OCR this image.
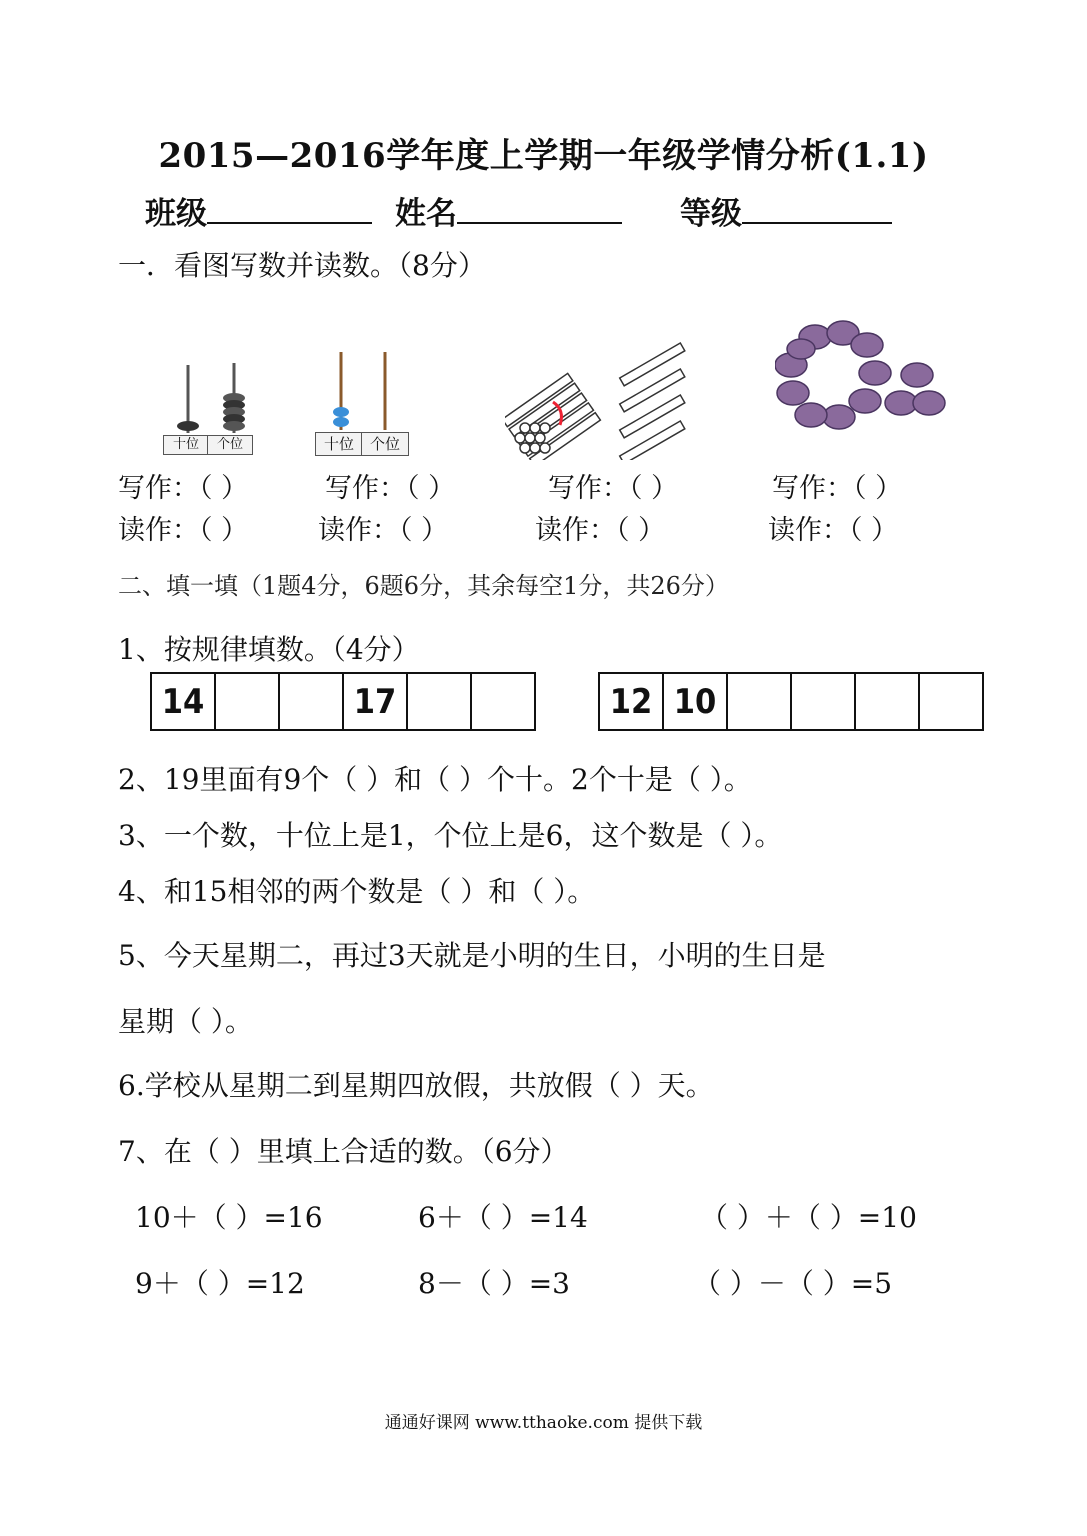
2015—2016学年度上学期一年级学情分析(1.1)
班级	姓名	等级
一．看图写数并读数。（8分）
十位	个位	十位	个位
写作：（ ）	写作：（ ）	写作：（ ）	写作：（ ）
读作：（ ）	读作：（ ）	读作：（ ）	读作：（ ）
二、填一填（1题4分，6题6分，其余每空1分，共26分）
1、按规律填数。（4分）
14			17			12	10				
2、19里面有9个（ ）和（ ）个十。2个十是（ ）。
3、一个数，十位上是1，个位上是6，这个数是（ ）。
4、和15相邻的两个数是（ ）和（ ）。
5、今天星期二，再过3天就是小明的生日，小明的生日是
星期（ ）。
6.学校从星期二到星期四放假，共放假（ ）天。
7、在（ ）里填上合适的数。（6分）
10＋（ ）=16	6＋（ ）=14	（ ）＋（ ）=10
9＋（ ）=12	8－（ ）=3	（ ）－（ ）=5
通通好课网 www.tthaoke.com 提供下载
